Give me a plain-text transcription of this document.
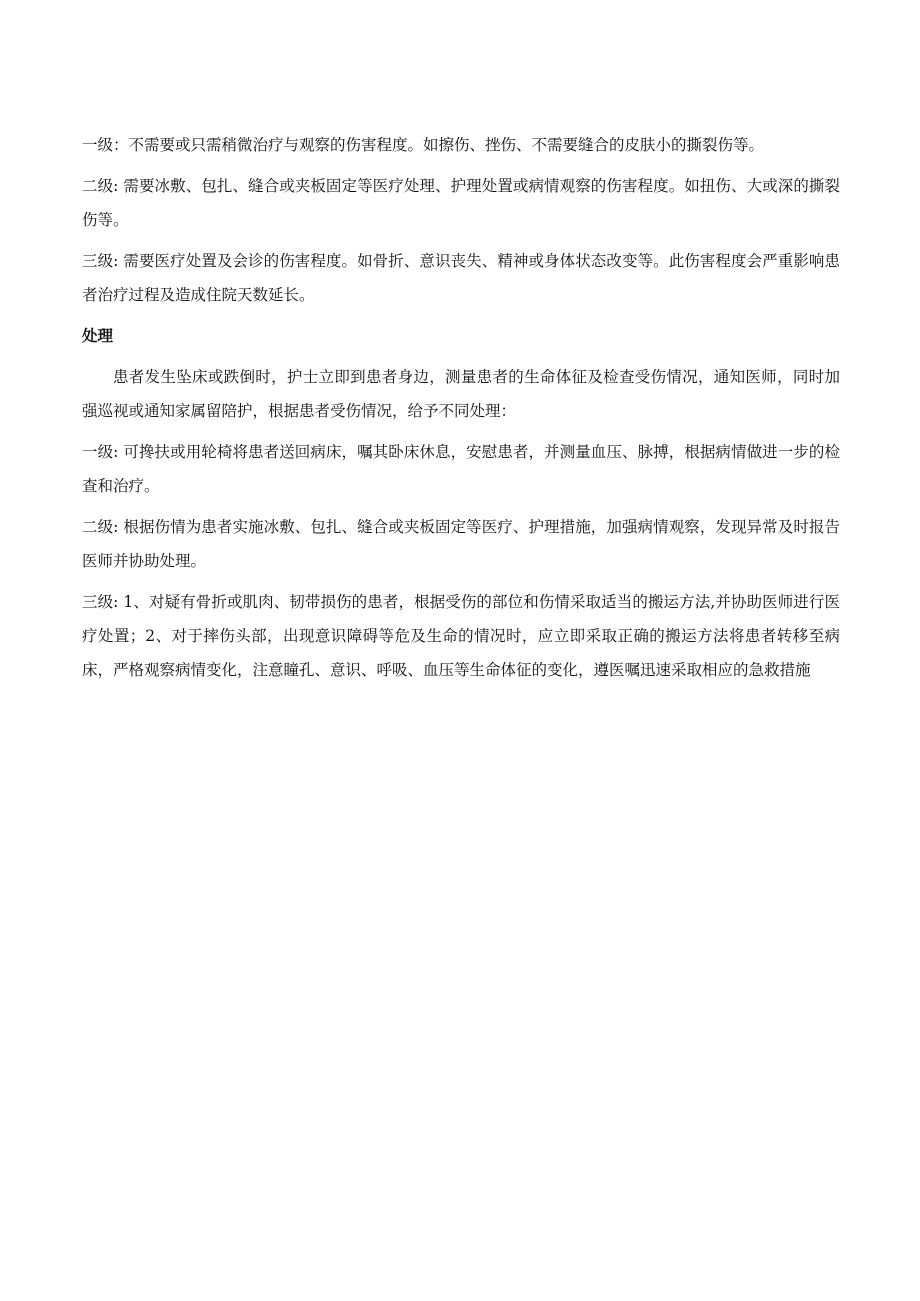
一级：不需要或只需稍微治疗与观察的伤害程度。如擦伤、挫伤、不需要缝合的皮肤小的撕裂伤等。

二级: 需要冰敷、包扎、缝合或夹板固定等医疗处理、护理处置或病情观察的伤害程度。如扭伤、大或深的撕裂伤等。

三级: 需要医疗处置及会诊的伤害程度。如骨折、意识丧失、精神或身体状态改变等。此伤害程度会严重影响患者治疗过程及造成住院天数延长。

处理

患者发生坠床或跌倒时，护士立即到患者身边，测量患者的生命体征及检查受伤情况，通知医师，同时加强巡视或通知家属留陪护，根据患者受伤情况，给予不同处理：

一级: 可搀扶或用轮椅将患者送回病床，嘱其卧床休息，安慰患者，并测量血压、脉搏，根据病情做进一步的检查和治疗。

二级: 根据伤情为患者实施冰敷、包扎、缝合或夹板固定等医疗、护理措施，加强病情观察，发现异常及时报告医师并协助处理。

三级: 1、对疑有骨折或肌肉、韧带损伤的患者，根据受伤的部位和伤情采取适当的搬运方法,并协助医师进行医疗处置；2、对于摔伤头部，出现意识障碍等危及生命的情况时，应立即采取正确的搬运方法将患者转移至病床，严格观察病情变化，注意瞳孔、意识、呼吸、血压等生命体征的变化，遵医嘱迅速采取相应的急救措施
